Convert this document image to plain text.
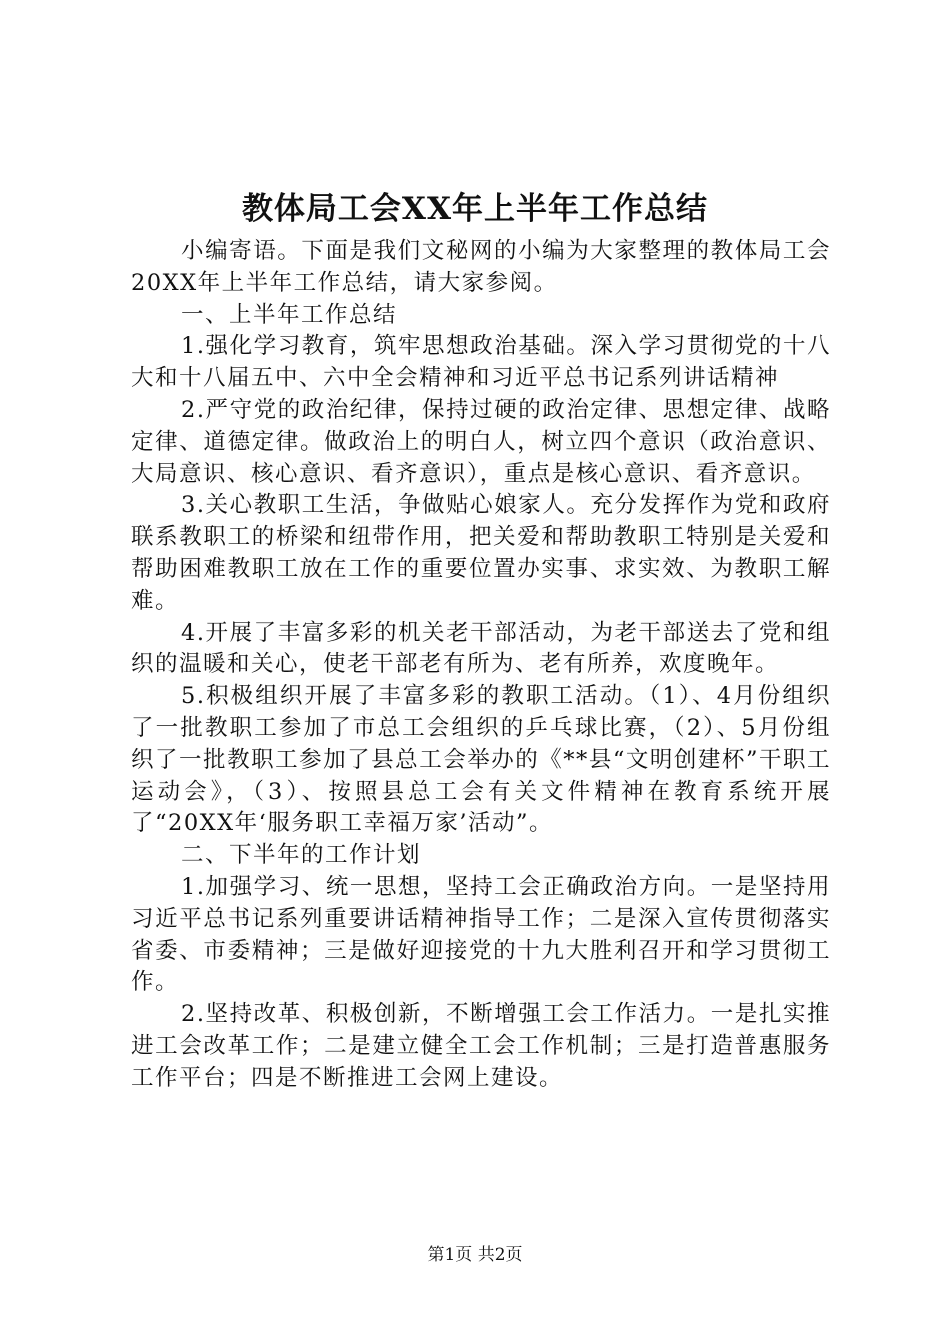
教体局工会XX年上半年工作总结

小编寄语。下面是我们文秘网的小编为大家整理的教体局工会20XX年上半年工作总结，请大家参阅。

一、上半年工作总结

1.强化学习教育，筑牢思想政治基础。深入学习贯彻党的十八大和十八届五中、六中全会精神和习近平总书记系列讲话精神

2.严守党的政治纪律，保持过硬的政治定律、思想定律、战略定律、道德定律。做政治上的明白人，树立四个意识（政治意识、大局意识、核心意识、看齐意识），重点是核心意识、看齐意识。

3.关心教职工生活，争做贴心娘家人。充分发挥作为党和政府联系教职工的桥梁和纽带作用，把关爱和帮助教职工特别是关爱和帮助困难教职工放在工作的重要位置办实事、求实效、为教职工解难。

4.开展了丰富多彩的机关老干部活动，为老干部送去了党和组织的温暖和关心，使老干部老有所为、老有所养，欢度晚年。

5.积极组织开展了丰富多彩的教职工活动。（1）、4月份组织了一批教职工参加了市总工会组织的乒乓球比赛，（2）、5月份组织了一批教职工参加了县总工会举办的《**县“文明创建杯”干职工运动会》，（3）、按照县总工会有关文件精神在教育系统开展了“20XX年‘服务职工幸福万家’活动”。

二、下半年的工作计划

1.加强学习、统一思想，坚持工会正确政治方向。一是坚持用习近平总书记系列重要讲话精神指导工作；二是深入宣传贯彻落实省委、市委精神；三是做好迎接党的十九大胜利召开和学习贯彻工作。

2.坚持改革、积极创新，不断增强工会工作活力。一是扎实推进工会改革工作；二是建立健全工会工作机制；三是打造普惠服务工作平台；四是不断推进工会网上建设。

第1页 共2页
